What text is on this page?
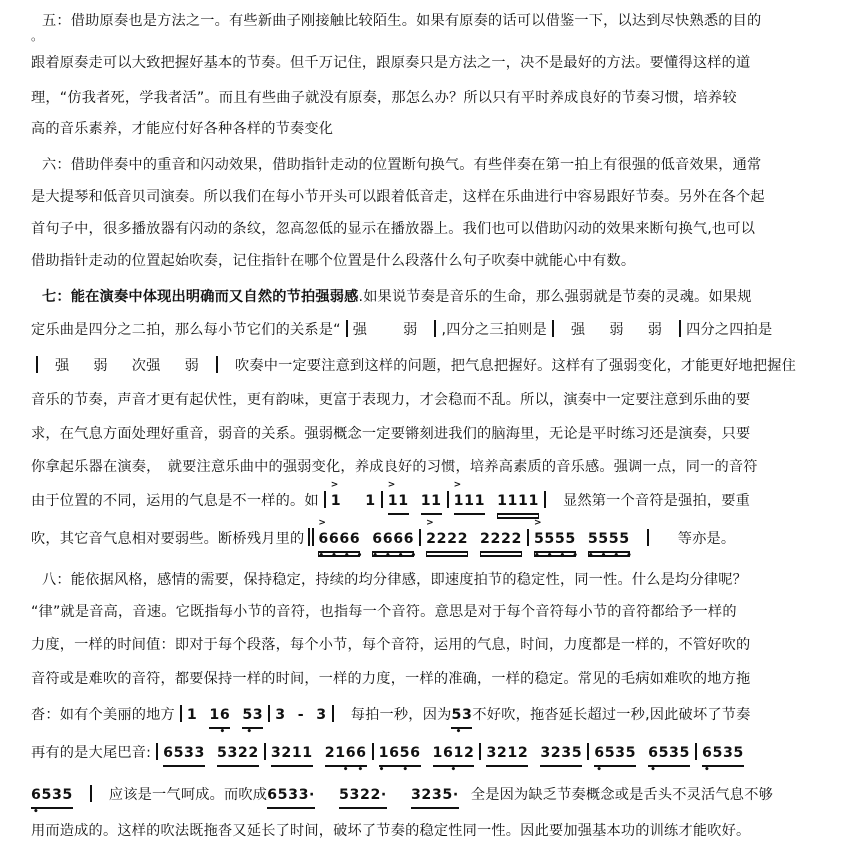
五：借助原奏也是方法之一。有些新曲子刚接触比较陌生。如果有原奏的话可以借鉴一下，以达到尽快熟悉的目的
。
跟着原奏走可以大致把握好基本的节奏。但千万记住，跟原奏只是方法之一，决不是最好的方法。要懂得这样的道
理，“仿我者死，学我者活”。而且有些曲子就没有原奏，那怎么办？所以只有平时养成良好的节奏习惯，培养较
高的音乐素养，才能应付好各种各样的节奏变化
六：借助伴奏中的重音和闪动效果，借助指针走动的位置断句换气。有些伴奏在第一拍上有很强的低音效果，通常
是大提琴和低音贝司演奏。所以我们在每小节开头可以跟着低音走，这样在乐曲进行中容易跟好节奏。另外在各个起
首句子中，很多播放器有闪动的条纹，忽高忽低的显示在播放器上。我们也可以借助闪动的效果来断句换气,也可以
借助指针走动的位置起始吹奏，记住指针在哪个位置是什么段落什么句子吹奏中就能心中有数。
七：能在演奏中体现出明确而又自然的节拍强弱感.如果说节奏是音乐的生命，那么强弱就是节奏的灵魂。如果规
定乐曲是四分之二拍，那么每小节它们的关系是“ 强	弱 ,四分之三拍则是 强 弱 弱 四分之四拍是
强 弱 次强 弱	吹奏中一定要注意到这样的问题，把气息把握好。这样有了强弱变化，才能更好地把握住
音乐的节奏，声音才更有起伏性，更有韵味，更富于表现力，才会稳而不乱。所以，演奏中一定要注意到乐曲的要
求，在气息方面处理好重音，弱音的关系。强弱概念一定要锵刻进我们的脑海里，无论是平时练习还是演奏，只要
你拿起乐器在演奏，　就要注意乐曲中的强弱变化，养成良好的习惯，培养高素质的音乐感。强调一点，同一的音符
由于位置的不同，运用的气息是不一样的。如
>
1 1
>
11 11
>
111 1111 显然第一个音符是强拍，要重
吹，其它音气息相对要弱些。断桥残月里的
>
6666
••••
6666
••••
>
2222 2222
>
5555
••••
5555
••••
等亦是。
八：能依据风格，感情的需要，保持稳定，持续的均分律感，即速度拍节的稳定性，同一性。什么是均分律呢？
“律”就是音高，音速。它既指每小节的音符，也指每一个音符。意思是对于每个音符每小节的音符都给予一样的
力度，一样的时间值：即对于每个段落，每个小节，每个音符，运用的气息，时间，力度都是一样的，不管好吹的
音符或是难吹的音符，都要保持一样的时间，一样的力度，一样的准确，一样的稳定。常见的毛病如难吹的地方拖
沓：如有个美丽的地方 1 16
•
53
•
3 - 3 每拍一秒，因为53
•
不好吹，拖沓延长超过一秒,因此破坏了节奏
再有的是大尾巴音: 6533 5322 3211 2166
••
1656
••
1612
•
3212 3235 6535
•
6535
•
6535
•
6535
•
应该是一气呵成。而吹成6533· 5322· 3235· 全是因为缺乏节奏概念或是舌头不灵活气息不够
用而造成的。这样的吹法既拖沓又延长了时间，破坏了节奏的稳定性同一性。因此要加强基本功的训练才能吹好。
